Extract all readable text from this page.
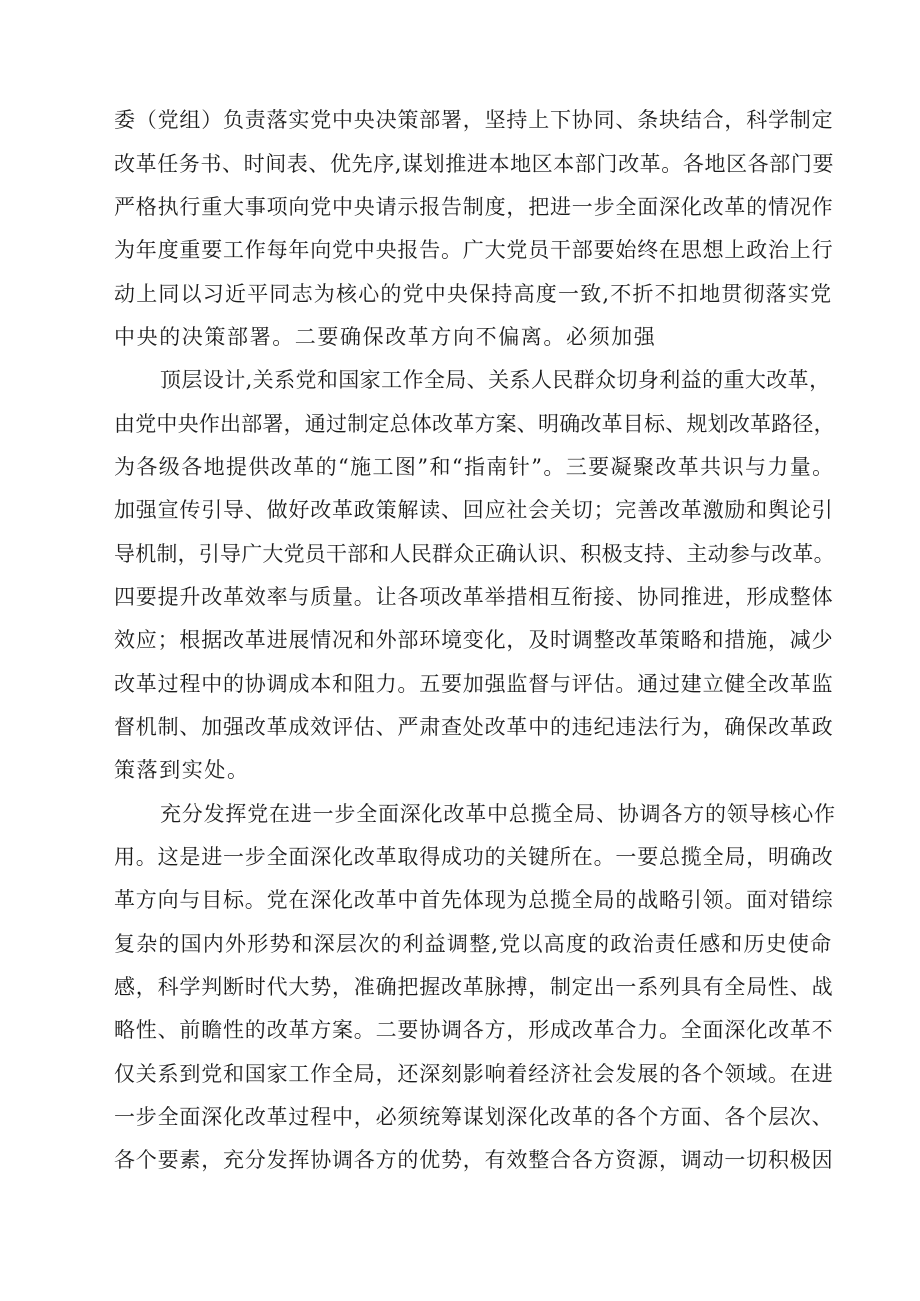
委（党组）负责落实党中央决策部署，坚持上下协同、条块结合，科学制定

改革任务书、时间表、优先序,谋划推进本地区本部门改革。各地区各部门要

严格执行重大事项向党中央请示报告制度，把进一步全面深化改革的情况作

为年度重要工作每年向党中央报告。广大党员干部要始终在思想上政治上行

动上同以习近平同志为核心的党中央保持高度一致,不折不扣地贯彻落实党

中央的决策部署。二要确保改革方向不偏离。必须加强

顶层设计,关系党和国家工作全局、关系人民群众切身利益的重大改革，

由党中央作出部署，通过制定总体改革方案、明确改革目标、规划改革路径，

为各级各地提供改革的“施工图”和“指南针”。三要凝聚改革共识与力量。

加强宣传引导、做好改革政策解读、回应社会关切；完善改革激励和舆论引

导机制，引导广大党员干部和人民群众正确认识、积极支持、主动参与改革。

四要提升改革效率与质量。让各项改革举措相互衔接、协同推进，形成整体

效应；根据改革进展情况和外部环境变化，及时调整改革策略和措施，减少

改革过程中的协调成本和阻力。五要加强监督与评估。通过建立健全改革监

督机制、加强改革成效评估、严肃查处改革中的违纪违法行为，确保改革政

策落到实处。

充分发挥党在进一步全面深化改革中总揽全局、协调各方的领导核心作

用。这是进一步全面深化改革取得成功的关键所在。一要总揽全局，明确改

革方向与目标。党在深化改革中首先体现为总揽全局的战略引领。面对错综

复杂的国内外形势和深层次的利益调整,党以高度的政治责任感和历史使命

感，科学判断时代大势，准确把握改革脉搏，制定出一系列具有全局性、战

略性、前瞻性的改革方案。二要协调各方，形成改革合力。全面深化改革不

仅关系到党和国家工作全局，还深刻影响着经济社会发展的各个领域。在进

一步全面深化改革过程中，必须统筹谋划深化改革的各个方面、各个层次、

各个要素，充分发挥协调各方的优势，有效整合各方资源，调动一切积极因
